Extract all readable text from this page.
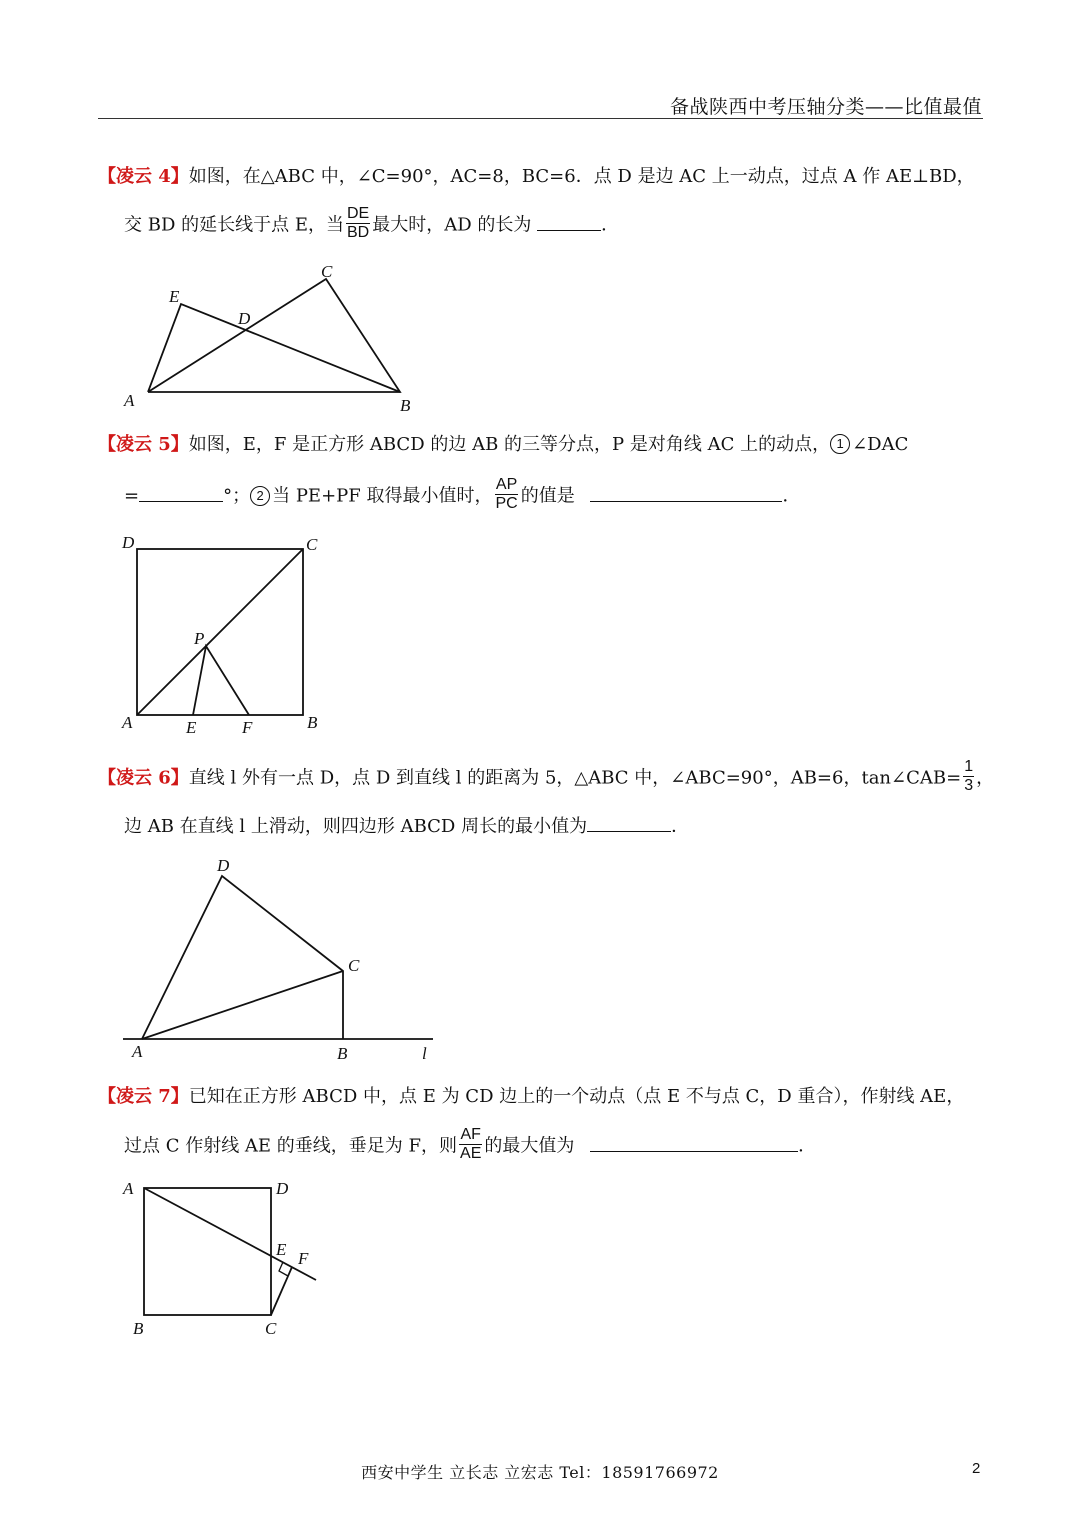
备战陕西中考压轴分类——比值最值
【凌云 4】如图，在△ABC 中，∠C=90°，AC=8，BC=6．点 D 是边 AC 上一动点，过点 A 作 AE⊥BD，
交 BD 的延长线于点 E，当 $\frac{DE}{BD}$ 最大时，AD 的长为	．
C
E
D
A	B
【凌云 5】如图，E，F 是正方形 ABCD 的边 AB 的三等分点，P 是对角线 AC 上的动点， 1 ∠DAC
=	°； 2 当 PE+PF 取得最小值时， $\frac{AP}{PC}$ 的值是	．
D	C
P
A	E	F	B
【凌云 6】直线 l 外有一点 D，点 D 到直线 l 的距离为 5，△ABC 中，∠ABC=90°，AB=6，tan∠CAB= $\frac{1}{3}$ ，
边 AB 在直线 l 上滑动，则四边形 ABCD 周长的最小值为	．
D
C
A	B	l
【凌云 7】已知在正方形 ABCD 中，点 E 为 CD 边上的一个动点（点 E 不与点 C，D 重合），作射线 AE，
过点 C 作射线 AE 的垂线，垂足为 F，则 $\frac{AF}{AE}$ 的最大值为	．
A	D
E F
B	C
西安中学生 立长志 立宏志 Tel：18591766972	2
